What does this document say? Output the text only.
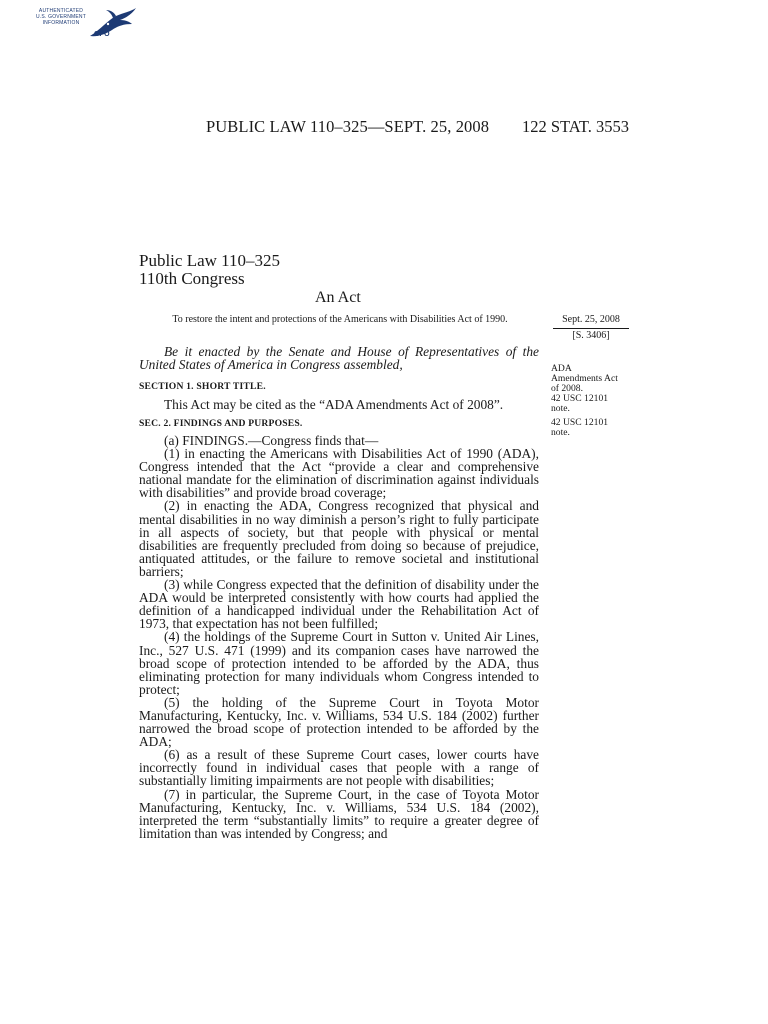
AUTHENTICATED
U.S. GOVERNMENT
INFORMATION
GPO
PUBLIC LAW 110–325—SEPT. 25, 2008 122 STAT. 3553
Public Law 110–325
110th Congress
An Act
To restore the intent and protections of the Americans with Disabilities Act of 1990.	Sept. 25, 2008
[S. 3406]
ADA
Amendments Act
of 2008.
42 USC 12101
note.
42 USC 12101
note.
Be it enacted by the Senate and House of Representatives of the United States of America in Congress assembled,
SECTION 1. SHORT TITLE.
This Act may be cited as the “ADA Amendments Act of 2008”.
SEC. 2. FINDINGS AND PURPOSES.

(a) FINDINGS.—Congress finds that—

(1) in enacting the Americans with Disabilities Act of 1990 (ADA), Congress intended that the Act “provide a clear and comprehensive national mandate for the elimination of discrimination against individuals with disabilities” and provide broad coverage;

(2) in enacting the ADA, Congress recognized that physical and mental disabilities in no way diminish a person’s right to fully participate in all aspects of society, but that people with physical or mental disabilities are frequently precluded from doing so because of prejudice, antiquated attitudes, or the failure to remove societal and institutional barriers;

(3) while Congress expected that the definition of disability under the ADA would be interpreted consistently with how courts had applied the definition of a handicapped individual under the Rehabilitation Act of 1973, that expectation has not been fulfilled;

(4) the holdings of the Supreme Court in Sutton v. United Air Lines, Inc., 527 U.S. 471 (1999) and its companion cases have narrowed the broad scope of protection intended to be afforded by the ADA, thus eliminating protection for many individuals whom Congress intended to protect;

(5) the holding of the Supreme Court in Toyota Motor Manufacturing, Kentucky, Inc. v. Williams, 534 U.S. 184 (2002) further narrowed the broad scope of protection intended to be afforded by the ADA;

(6) as a result of these Supreme Court cases, lower courts have incorrectly found in individual cases that people with a range of substantially limiting impairments are not people with disabilities;

(7) in particular, the Supreme Court, in the case of Toyota Motor Manufacturing, Kentucky, Inc. v. Williams, 534 U.S. 184 (2002), interpreted the term “substantially limits” to require a greater degree of limitation than was intended by Congress; and
